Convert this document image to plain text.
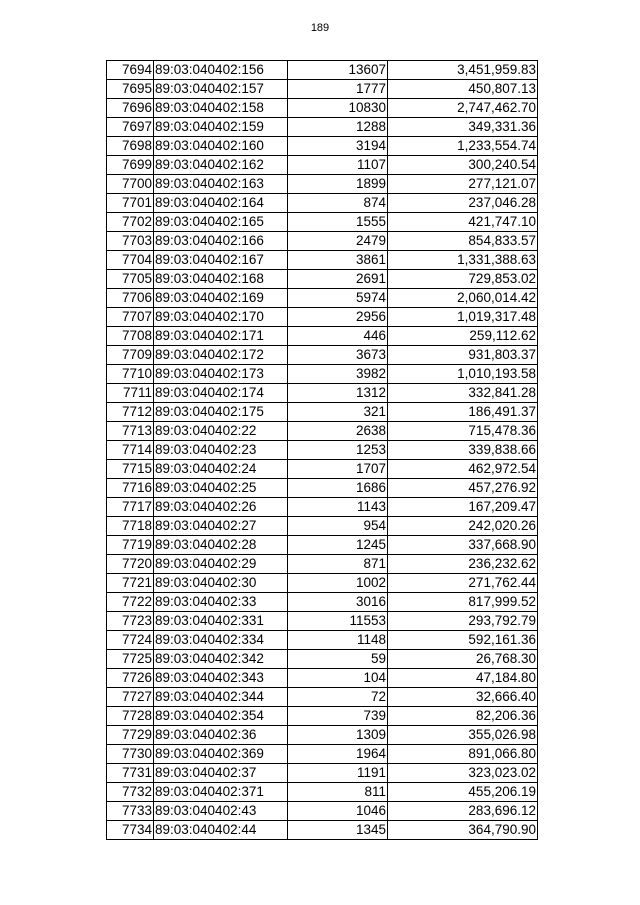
189
7694	89:03:040402:156	13607	3,451,959.83
7695	89:03:040402:157	1777	450,807.13
7696	89:03:040402:158	10830	2,747,462.70
7697	89:03:040402:159	1288	349,331.36
7698	89:03:040402:160	3194	1,233,554.74
7699	89:03:040402:162	1107	300,240.54
7700	89:03:040402:163	1899	277,121.07
7701	89:03:040402:164	874	237,046.28
7702	89:03:040402:165	1555	421,747.10
7703	89:03:040402:166	2479	854,833.57
7704	89:03:040402:167	3861	1,331,388.63
7705	89:03:040402:168	2691	729,853.02
7706	89:03:040402:169	5974	2,060,014.42
7707	89:03:040402:170	2956	1,019,317.48
7708	89:03:040402:171	446	259,112.62
7709	89:03:040402:172	3673	931,803.37
7710	89:03:040402:173	3982	1,010,193.58
7711	89:03:040402:174	1312	332,841.28
7712	89:03:040402:175	321	186,491.37
7713	89:03:040402:22	2638	715,478.36
7714	89:03:040402:23	1253	339,838.66
7715	89:03:040402:24	1707	462,972.54
7716	89:03:040402:25	1686	457,276.92
7717	89:03:040402:26	1143	167,209.47
7718	89:03:040402:27	954	242,020.26
7719	89:03:040402:28	1245	337,668.90
7720	89:03:040402:29	871	236,232.62
7721	89:03:040402:30	1002	271,762.44
7722	89:03:040402:33	3016	817,999.52
7723	89:03:040402:331	11553	293,792.79
7724	89:03:040402:334	1148	592,161.36
7725	89:03:040402:342	59	26,768.30
7726	89:03:040402:343	104	47,184.80
7727	89:03:040402:344	72	32,666.40
7728	89:03:040402:354	739	82,206.36
7729	89:03:040402:36	1309	355,026.98
7730	89:03:040402:369	1964	891,066.80
7731	89:03:040402:37	1191	323,023.02
7732	89:03:040402:371	811	455,206.19
7733	89:03:040402:43	1046	283,696.12
7734	89:03:040402:44	1345	364,790.90
